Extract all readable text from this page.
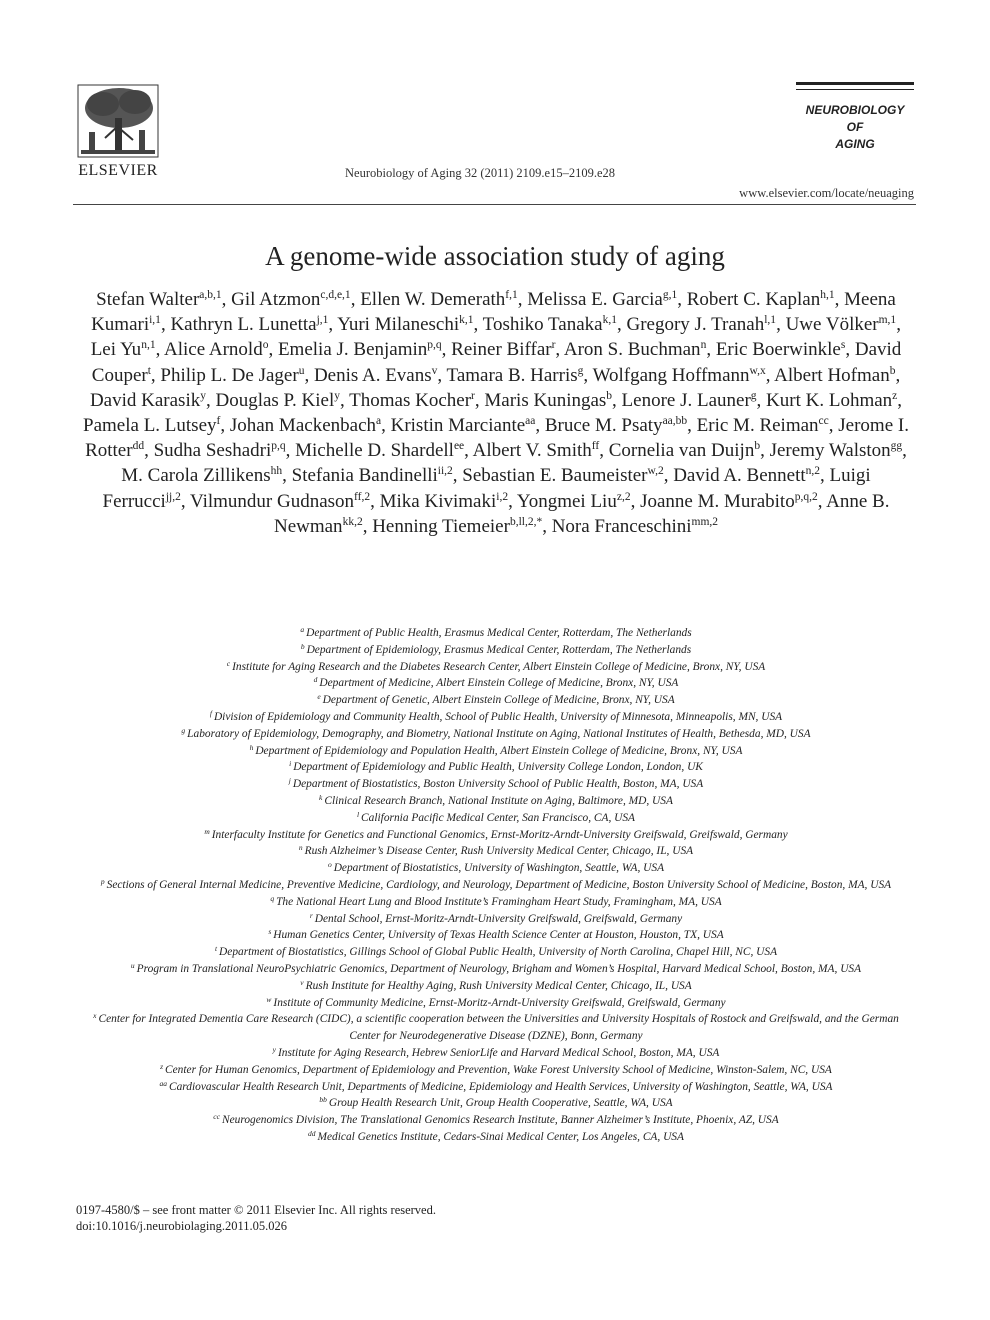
ELSEVIER	Neurobiology of Aging 32 (2011) 2109.e15–2109.e28
NEUROBIOLOGY
OF
AGING
www.elsevier.com/locate/neuaging
A genome-wide association study of aging
Stefan Walter$^{a,b,1}$, Gil Atzmon$^{c,d,e,1}$, Ellen W. Demerath$^{f,1}$, Melissa E. Garcia$^{g,1}$, Robert C. Kaplan$^{h,1}$, Meena Kumari$^{i,1}$, Kathryn L. Lunetta$^{j,1}$, Yuri Milaneschi$^{k,1}$, Toshiko Tanaka$^{k,1}$, Gregory J. Tranah$^{l,1}$, Uwe Völker$^{m,1}$, Lei Yu$^{n,1}$, Alice Arnold$^o$, Emelia J. Benjamin$^{p,q}$, Reiner Biffar$^r$, Aron S. Buchman$^n$, Eric Boerwinkle$^s$, David Couper$^t$, Philip L. De Jager$^u$, Denis A. Evans$^v$, Tamara B. Harris$^g$, Wolfgang Hoffmann$^{w,x}$, Albert Hofman$^b$, David Karasik$^y$, Douglas P. Kiel$^y$, Thomas Kocher$^r$, Maris Kuningas$^b$, Lenore J. Launer$^g$, Kurt K. Lohman$^z$, Pamela L. Lutsey$^f$, Johan Mackenbach$^a$, Kristin Marciante$^{aa}$, Bruce M. Psaty$^{aa,bb}$, Eric M. Reiman$^{cc}$, Jerome I. Rotter$^{dd}$, Sudha Seshadri$^{p,q}$, Michelle D. Shardell$^{ee}$, Albert V. Smith$^{ff}$, Cornelia van Duijn$^b$, Jeremy Walston$^{gg}$, M. Carola Zillikens$^{hh}$, Stefania Bandinelli$^{ii,2}$, Sebastian E. Baumeister$^{w,2}$, David A. Bennett$^{n,2}$, Luigi Ferrucci$^{jj,2}$, Vilmundur Gudnason$^{ff,2}$, Mika Kivimaki$^{i,2}$, Yongmei Liu$^{z,2}$, Joanne M. Murabito$^{p,q,2}$, Anne B. Newman$^{kk,2}$, Henning Tiemeier$^{b,ll,2,*}$, Nora Franceschini$^{mm,2}$
$^a$ Department of Public Health, Erasmus Medical Center, Rotterdam, The Netherlands
$^b$ Department of Epidemiology, Erasmus Medical Center, Rotterdam, The Netherlands
$^c$ Institute for Aging Research and the Diabetes Research Center, Albert Einstein College of Medicine, Bronx, NY, USA
$^d$ Department of Medicine, Albert Einstein College of Medicine, Bronx, NY, USA
$^e$ Department of Genetic, Albert Einstein College of Medicine, Bronx, NY, USA
$^f$ Division of Epidemiology and Community Health, School of Public Health, University of Minnesota, Minneapolis, MN, USA
$^g$ Laboratory of Epidemiology, Demography, and Biometry, National Institute on Aging, National Institutes of Health, Bethesda, MD, USA
$^h$ Department of Epidemiology and Population Health, Albert Einstein College of Medicine, Bronx, NY, USA
$^i$ Department of Epidemiology and Public Health, University College London, London, UK
$^j$ Department of Biostatistics, Boston University School of Public Health, Boston, MA, USA
$^k$ Clinical Research Branch, National Institute on Aging, Baltimore, MD, USA
$^l$ California Pacific Medical Center, San Francisco, CA, USA
$^m$ Interfaculty Institute for Genetics and Functional Genomics, Ernst-Moritz-Arndt-University Greifswald, Greifswald, Germany
$^n$ Rush Alzheimer’s Disease Center, Rush University Medical Center, Chicago, IL, USA
$^o$ Department of Biostatistics, University of Washington, Seattle, WA, USA
$^p$ Sections of General Internal Medicine, Preventive Medicine, Cardiology, and Neurology, Department of Medicine, Boston University School of Medicine, Boston, MA, USA
$^q$ The National Heart Lung and Blood Institute’s Framingham Heart Study, Framingham, MA, USA
$^r$ Dental School, Ernst-Moritz-Arndt-University Greifswald, Greifswald, Germany
$^s$ Human Genetics Center, University of Texas Health Science Center at Houston, Houston, TX, USA
$^t$ Department of Biostatistics, Gillings School of Global Public Health, University of North Carolina, Chapel Hill, NC, USA
$^u$ Program in Translational NeuroPsychiatric Genomics, Department of Neurology, Brigham and Women’s Hospital, Harvard Medical School, Boston, MA, USA
$^v$ Rush Institute for Healthy Aging, Rush University Medical Center, Chicago, IL, USA
$^w$ Institute of Community Medicine, Ernst-Moritz-Arndt-University Greifswald, Greifswald, Germany
$^x$ Center for Integrated Dementia Care Research (CIDC), a scientific cooperation between the Universities and University Hospitals of Rostock and Greifswald, and the German Center for Neurodegenerative Disease (DZNE), Bonn, Germany
$^y$ Institute for Aging Research, Hebrew SeniorLife and Harvard Medical School, Boston, MA, USA
$^z$ Center for Human Genomics, Department of Epidemiology and Prevention, Wake Forest University School of Medicine, Winston-Salem, NC, USA
$^{aa}$ Cardiovascular Health Research Unit, Departments of Medicine, Epidemiology and Health Services, University of Washington, Seattle, WA, USA
$^{bb}$ Group Health Research Unit, Group Health Cooperative, Seattle, WA, USA
$^{cc}$ Neurogenomics Division, The Translational Genomics Research Institute, Banner Alzheimer’s Institute, Phoenix, AZ, USA
$^{dd}$ Medical Genetics Institute, Cedars-Sinai Medical Center, Los Angeles, CA, USA
0197-4580/$ – see front matter © 2011 Elsevier Inc. All rights reserved.
doi:10.1016/j.neurobiolaging.2011.05.026
